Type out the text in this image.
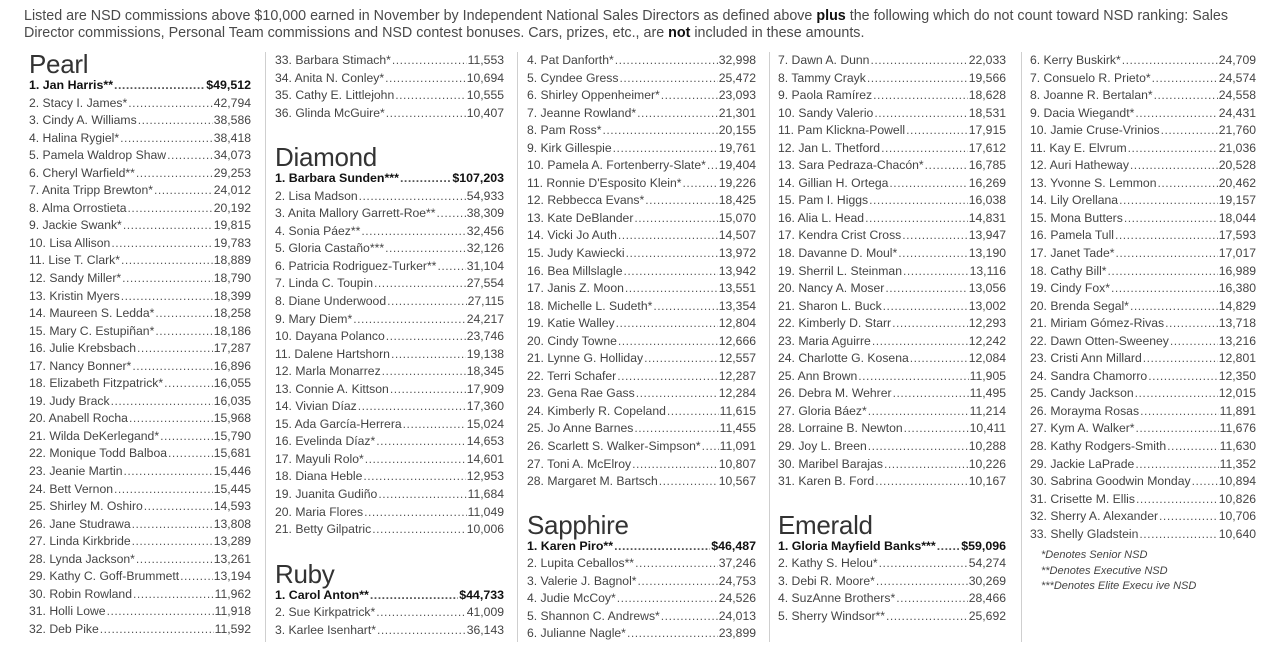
Listed are NSD commissions above $10,000 earned in November by Independent National Sales Directors as defined above plus the following which do not count toward NSD ranking: Sales Director commissions, Personal Team commissions and NSD contest bonuses. Cars, prizes, etc., are not included in these amounts.
Pearl
1. Jan Harris** .....	$49,512
2. Stacy I. James* .....	42,794
3. Cindy A. Williams .....	38,586
4. Halina Rygiel* .....	38,418
5. Pamela Waldrop Shaw .....	34,073
6. Cheryl Warfield** .....	29,253
7. Anita Tripp Brewton* .....	24,012
8. Alma Orrostieta .....	20,192
9. Jackie Swank* .....	19,815
10. Lisa Allison .....	19,783
11. Lise T. Clark* .....	18,889
12. Sandy Miller* .....	18,790
13. Kristin Myers .....	18,399
14. Maureen S. Ledda* .....	18,258
15. Mary C. Estupiñan* .....	18,186
16. Julie Krebsbach .....	17,287
17. Nancy Bonner* .....	16,896
18. Elizabeth Fitzpatrick* .....	16,055
19. Judy Brack .....	16,035
20. Anabell Rocha .....	15,968
21. Wilda DeKerlegand* .....	15,790
22. Monique Todd Balboa .....	15,681
23. Jeanie Martin .....	15,446
24. Bett Vernon .....	15,445
25. Shirley M. Oshiro .....	14,593
26. Jane Studrawa .....	13,808
27. Linda Kirkbride .....	13,289
28. Lynda Jackson* .....	13,261
29. Kathy C. Goff-Brummett .....	13,194
30. Robin Rowland .....	11,962
31. Holli Lowe .....	11,918
32. Deb Pike .....	11,592
33. Barbara Stimach* .....	11,553
34. Anita N. Conley* .....	10,694
35. Cathy E. Littlejohn .....	10,555
36. Glinda McGuire* .....	10,407
Diamond
1. Barbara Sunden*** .....	$107,203
2. Lisa Madson .....	54,933
3. Anita Mallory Garrett-Roe** .....	38,309
4. Sonia Páez** .....	32,456
5. Gloria Castaño*** .....	32,126
6. Patricia Rodriguez-Turker** ..... 31,104
7. Linda C. Toupin .....	27,554
8. Diane Underwood .....	27,115
9. Mary Diem* .....	24,217
10. Dayana Polanco .....	23,746
11. Dalene Hartshorn .....	19,138
12. Marla Monarrez .....	18,345
13. Connie A. Kittson .....	17,909
14. Vivian Díaz .....	17,360
15. Ada García-Herrera .....	15,024
16. Evelinda Díaz* .....	14,653
17. Mayuli Rolo* .....	14,601
18. Diana Heble .....	12,953
19. Juanita Gudiño .....	11,684
20. Maria Flores .....	11,049
21. Betty Gilpatric .....	10,006
Ruby
1. Carol Anton** .....	$44,733
2. Sue Kirkpatrick* .....	41,009
3. Karlee Isenhart* .....	36,143
4. Pat Danforth* .....	32,998
5. Cyndee Gress .....	25,472
6. Shirley Oppenheimer* .....	23,093
7. Jeanne Rowland* .....	21,301
8. Pam Ross* .....	20,155
9. Kirk Gillespie .....	19,761
10. Pamela A. Fortenberry-Slate* ..... 19,404
11. Ronnie D'Esposito Klein* .....	19,226
12. Rebbecca Evans* .....	18,425
13. Kate DeBlander .....	15,070
14. Vicki Jo Auth .....	14,507
15. Judy Kawiecki .....	13,972
16. Bea Millslagle .....	13,942
17. Janis Z. Moon .....	13,551
18. Michelle L. Sudeth* .....	13,354
19. Katie Walley .....	12,804
20. Cindy Towne .....	12,666
21. Lynne G. Holliday .....	12,557
22. Terri Schafer .....	12,287
23. Gena Rae Gass .....	12,284
24. Kimberly R. Copeland .....	11,615
25. Jo Anne Barnes .....	11,455
26. Scarlett S. Walker-Simpson* ..... 11,091
27. Toni A. McElroy .....	10,807
28. Margaret M. Bartsch .....	10,567
Sapphire
1. Karen Piro** .....	$46,487
2. Lupita Ceballos** .....	37,246
3. Valerie J. Bagnol* .....	24,753
4. Judie McCoy* .....	24,526
5. Shannon C. Andrews* .....	24,013
6. Julianne Nagle* .....	23,899
7. Dawn A. Dunn .....	22,033
8. Tammy Crayk .....	19,566
9. Paola Ramírez .....	18,628
10. Sandy Valerio .....	18,531
11. Pam Klickna-Powell .....	17,915
12. Jan L. Thetford .....	17,612
13. Sara Pedraza-Chacón* .....	16,785
14. Gillian H. Ortega .....	16,269
15. Pam I. Higgs .....	16,038
16. Alia L. Head .....	14,831
17. Kendra Crist Cross .....	13,947
18. Davanne D. Moul* .....	13,190
19. Sherril L. Steinman .....	13,116
20. Nancy A. Moser .....	13,056
21. Sharon L. Buck .....	13,002
22. Kimberly D. Starr .....	12,293
23. Maria Aguirre .....	12,242
24. Charlotte G. Kosena .....	12,084
25. Ann Brown .....	11,905
26. Debra M. Wehrer .....	11,495
27. Gloria Báez* .....	11,214
28. Lorraine B. Newton .....	10,411
29. Joy L. Breen .....	10,288
30. Maribel Barajas .....	10,226
31. Karen B. Ford .....	10,167
Emerald
1. Gloria Mayfield Banks*** ..... $59,096
2. Kathy S. Helou* .....	54,274
3. Debi R. Moore* .....	30,269
4. SuzAnne Brothers* .....	28,466
5. Sherry Windsor** .....	25,692
6. Kerry Buskirk* .....	24,709
7. Consuelo R. Prieto* .....	24,574
8. Joanne R. Bertalan* .....	24,558
9. Dacia Wiegandt* .....	24,431
10. Jamie Cruse-Vrinios .....	21,760
11. Kay E. Elvrum .....	21,036
12. Auri Hatheway .....	20,528
13. Yvonne S. Lemmon .....	20,462
14. Lily Orellana .....	19,157
15. Mona Butters .....	18,044
16. Pamela Tull .....	17,593
17. Janet Tade* .....	17,017
18. Cathy Bill* .....	16,989
19. Cindy Fox* .....	16,380
20. Brenda Segal* .....	14,829
21. Miriam Gómez-Rivas .....	13,718
22. Dawn Otten-Sweeney .....	13,216
23. Cristi Ann Millard .....	12,801
24. Sandra Chamorro .....	12,350
25. Candy Jackson .....	12,015
26. Morayma Rosas .....	11,891
27. Kym A. Walker* .....	11,676
28. Kathy Rodgers-Smith .....	11,630
29. Jackie LaPrade .....	11,352
30. Sabrina Goodwin Monday ..... 10,894
31. Crisette M. Ellis .....	10,826
32. Sherry A. Alexander .....	10,706
33. Shelly Gladstein .....	10,640
*Denotes Senior NSD
**Denotes Executive NSD
***Denotes Elite Execu ive NSD
